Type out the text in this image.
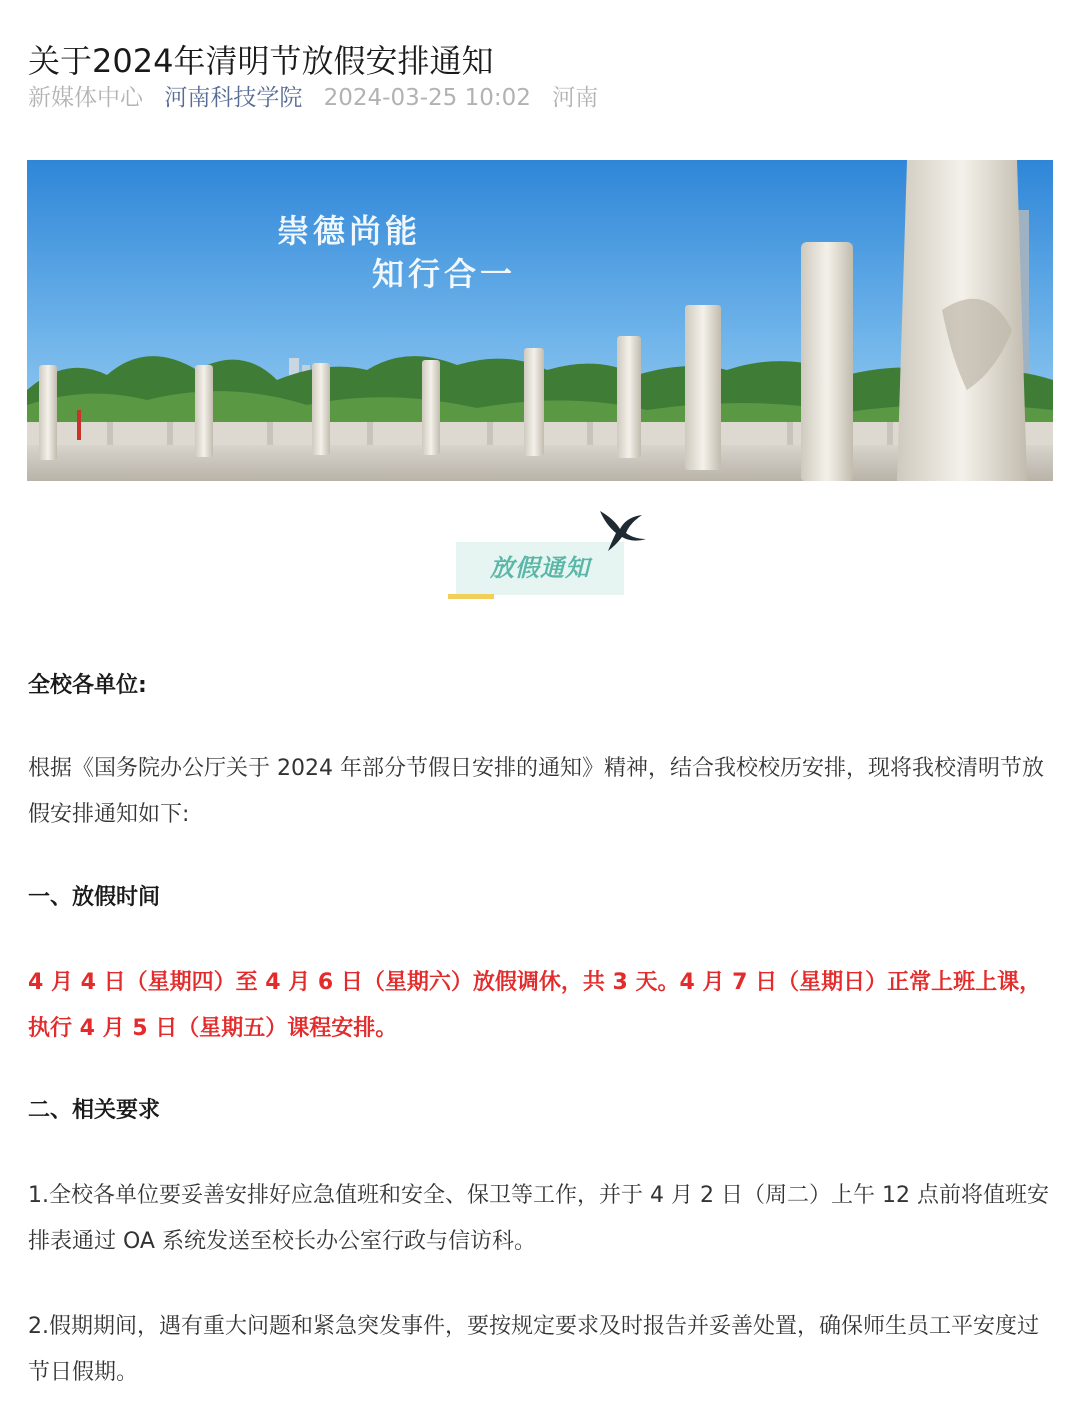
关于2024年清明节放假安排通知
新媒体中心 河南科技学院 2024-03-25 10:02 河南
崇德尚能
知行合一
放假通知
全校各单位:
根据《国务院办公厅关于 2024 年部分节假日安排的通知》精神，结合我校校历安排，现将我校清明节放假安排通知如下:
一、放假时间
4 月 4 日（星期四）至 4 月 6 日（星期六）放假调休，共 3 天。4 月 7 日（星期日）正常上班上课，执行 4 月 5 日（星期五）课程安排。
二、相关要求
1.全校各单位要妥善安排好应急值班和安全、保卫等工作，并于 4 月 2 日（周二）上午 12 点前将值班安排表通过 OA 系统发送至校长办公室行政与信访科。
2.假期期间，遇有重大问题和紧急突发事件，要按规定要求及时报告并妥善处置，确保师生员工平安度过节日假期。
